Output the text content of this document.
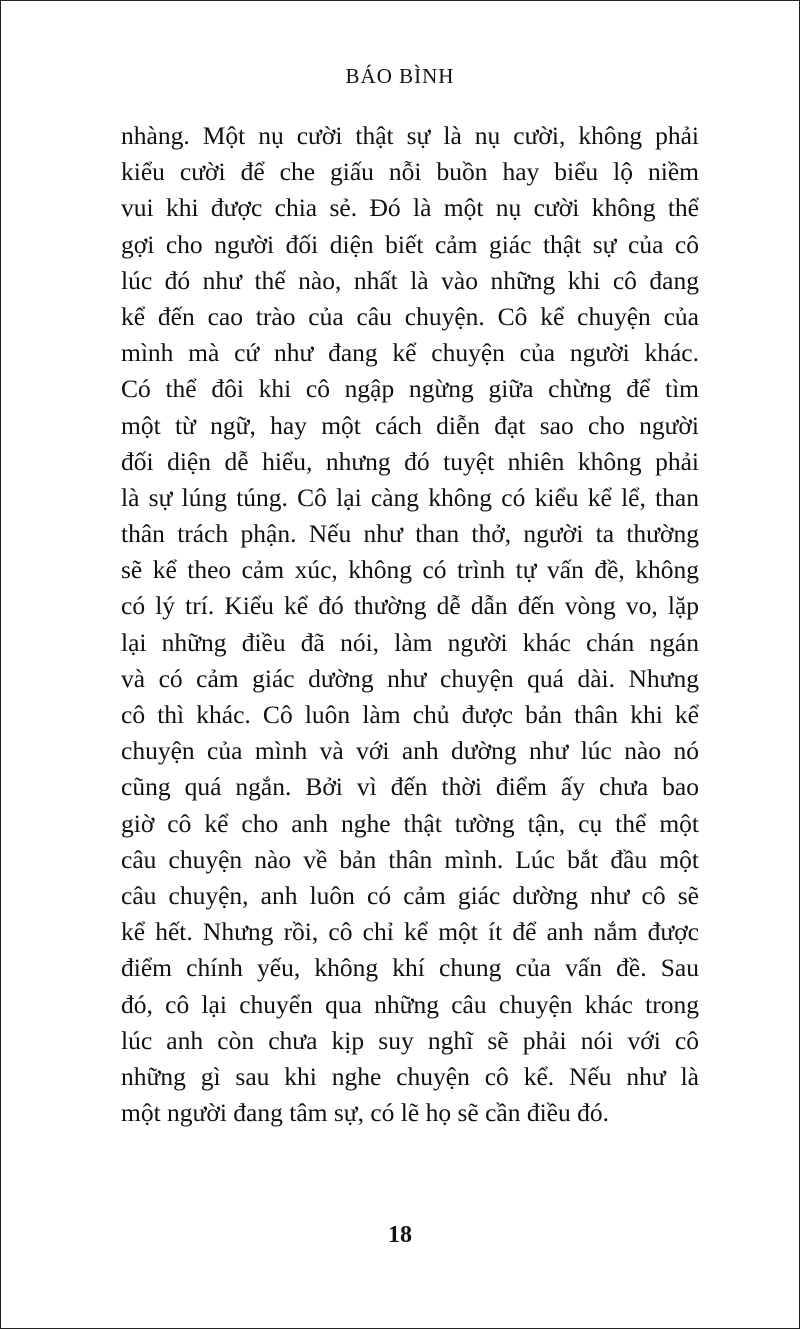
BÁO BÌNH
nhàng. Một nụ cười thật sự là nụ cười, không phải
kiểu cười để che giấu nỗi buồn hay biểu lộ niềm
vui khi được chia sẻ. Đó là một nụ cười không thể
gợi cho người đối diện biết cảm giác thật sự của cô
lúc đó như thế nào, nhất là vào những khi cô đang
kể đến cao trào của câu chuyện. Cô kể chuyện của
mình mà cứ như đang kể chuyện của người khác.
Có thể đôi khi cô ngập ngừng giữa chừng để tìm
một từ ngữ, hay một cách diễn đạt sao cho người
đối diện dễ hiểu, nhưng đó tuyệt nhiên không phải
là sự lúng túng. Cô lại càng không có kiểu kể lể, than
thân trách phận. Nếu như than thở, người ta thường
sẽ kể theo cảm xúc, không có trình tự vấn đề, không
có lý trí. Kiểu kể đó thường dễ dẫn đến vòng vo, lặp
lại những điều đã nói, làm người khác chán ngán
và có cảm giác dường như chuyện quá dài. Nhưng
cô thì khác. Cô luôn làm chủ được bản thân khi kể
chuyện của mình và với anh dường như lúc nào nó
cũng quá ngắn. Bởi vì đến thời điểm ấy chưa bao
giờ cô kể cho anh nghe thật tường tận, cụ thể một
câu chuyện nào về bản thân mình. Lúc bắt đầu một
câu chuyện, anh luôn có cảm giác dường như cô sẽ
kể hết. Nhưng rồi, cô chỉ kể một ít để anh nắm được
điểm chính yếu, không khí chung của vấn đề. Sau
đó, cô lại chuyển qua những câu chuyện khác trong
lúc anh còn chưa kịp suy nghĩ sẽ phải nói với cô
những gì sau khi nghe chuyện cô kể. Nếu như là
một người đang tâm sự, có lẽ họ sẽ cần điều đó.
18
